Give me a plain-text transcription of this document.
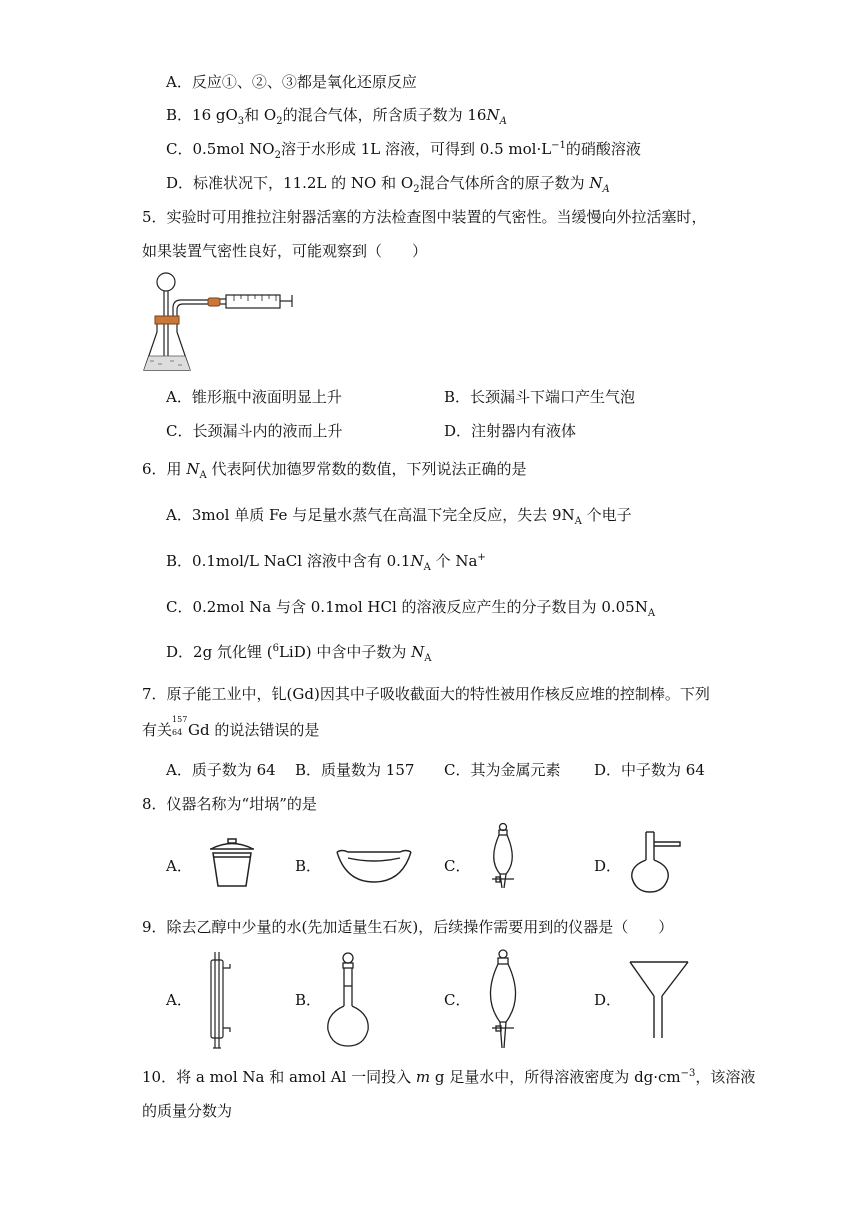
A．反应①、②、③都是氧化还原反应
B．16 $gO_3$和 $O_2$的混合气体，所含质子数为 $16N_A$
C．0.5mol $NO_2$溶于水形成 1L 溶液，可得到 0.5 $mol\cdot L^{-1}$的硝酸溶液
D．标准状况下，11.2L 的 NO 和 $O_2$混合气体所含的原子数为 $N_A$
5．实验时可用推拉注射器活塞的方法检查图中装置的气密性。当缓慢向外拉活塞时，
如果装置气密性良好，可能观察到（　　）
A．锥形瓶中液面明显上升	B．长颈漏斗下端口产生气泡
C．长颈漏斗内的液而上升	D．注射器内有液体
6．用 $N_A$ 代表阿伏加德罗常数的数值，下列说法正确的是
A．3mol 单质 Fe 与足量水蒸气在高温下完全反应，失去 $9N_A$ 个电子
B．0.1mol/L NaCl 溶液中含有 $0.1N_A$ 个 Na+
C．0.2mol Na 与含 0.1mol HCl 的溶液反应产生的分子数目为 $0.05N_A$
D．2g 氘化锂 ($^6$LiD) 中含中子数为 $N_A$
7．原子能工业中，钆(Gd)因其中子吸收截面大的特性被用作核反应堆的控制棒。下列
有关
157
64 Gd 的说法错误的是
A．质子数为 64 B．质量数为 157 C．其为金属元素 D．中子数为 64
8．仪器名称为“坩埚”的是
A．	B．	C．	D．
9．除去乙醇中少量的水(先加适量生石灰)，后续操作需要用到的仪器是（　　）
A．	B．	C．	D．
10．将 a mol Na 和 amol Al 一同投入 m g 足量水中，所得溶液密度为 $dg\cdot cm^{-3}$，该溶液
的质量分数为
